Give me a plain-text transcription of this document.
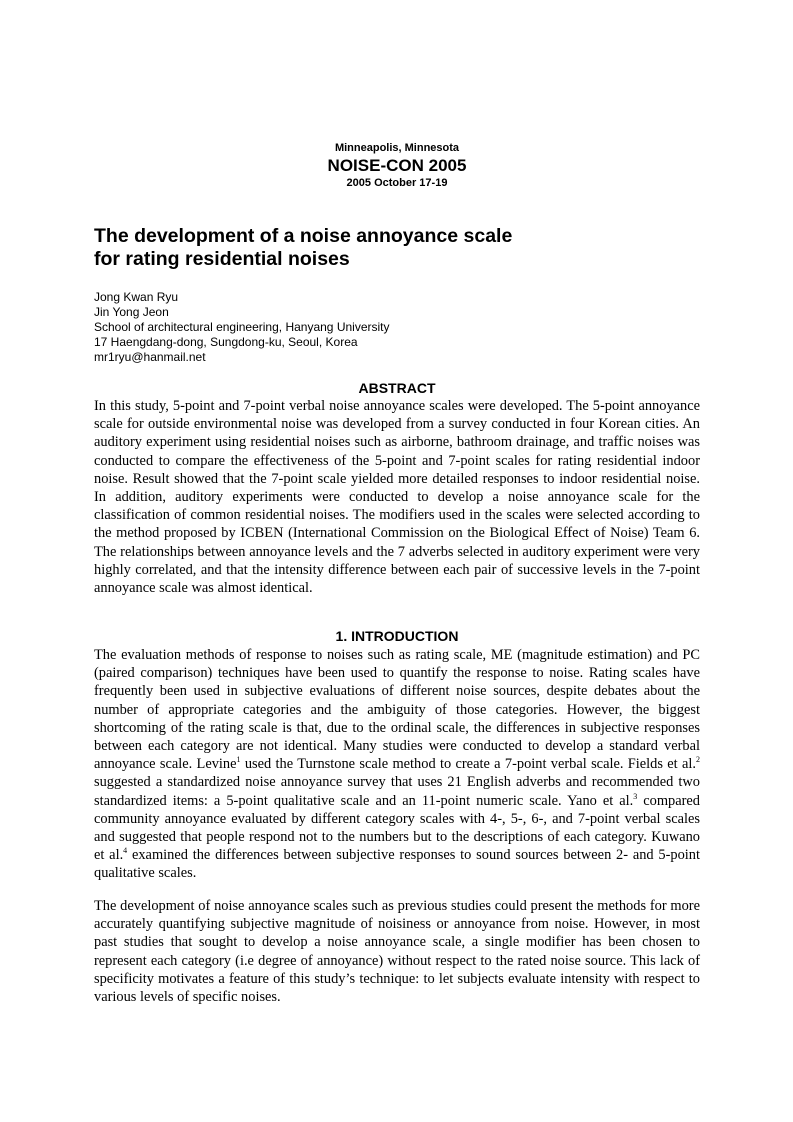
Minneapolis, Minnesota

NOISE-CON 2005

2005 October 17-19

The development of a noise annoyance scale
for rating residential noises
Jong Kwan Ryu
Jin Yong Jeon
School of architectural engineering, Hanyang University
17 Haengdang-dong, Sungdong-ku, Seoul, Korea
mr1ryu@hanmail.net
ABSTRACT

In this study, 5-point and 7-point verbal noise annoyance scales were developed. The 5-point annoyance scale for outside environmental noise was developed from a survey conducted in four Korean cities. An auditory experiment using residential noises such as airborne, bathroom drainage, and traffic noises was conducted to compare the effectiveness of the 5-point and 7-point scales for rating residential indoor noise. Result showed that the 7-point scale yielded more detailed responses to indoor residential noise. In addition, auditory experiments were conducted to develop a noise annoyance scale for the classification of common residential noises. The modifiers used in the scales were selected according to the method proposed by ICBEN (International Commission on the Biological Effect of Noise) Team 6. The relationships between annoyance levels and the 7 adverbs selected in auditory experiment were very highly correlated, and that the intensity difference between each pair of successive levels in the 7-point annoyance scale was almost identical.

1. INTRODUCTION

The evaluation methods of response to noises such as rating scale, ME (magnitude estimation) and PC (paired comparison) techniques have been used to quantify the response to noise. Rating scales have frequently been used in subjective evaluations of different noise sources, despite debates about the number of appropriate categories and the ambiguity of those categories. However, the biggest shortcoming of the rating scale is that, due to the ordinal scale, the differences in subjective responses between each category are not identical. Many studies were conducted to develop a standard verbal annoyance scale. Levine$^1$ used the Turnstone scale method to create a 7-point verbal scale. Fields et al.$^2$ suggested a standardized noise annoyance survey that uses 21 English adverbs and recommended two standardized items: a 5-point qualitative scale and an 11-point numeric scale. Yano et al.$^3$ compared community annoyance evaluated by different category scales with 4-, 5-, 6-, and 7-point verbal scales and suggested that people respond not to the numbers but to the descriptions of each category. Kuwano et al.$^4$ examined the differences between subjective responses to sound sources between 2- and 5-point qualitative scales.

The development of noise annoyance scales such as previous studies could present the methods for more accurately quantifying subjective magnitude of noisiness or annoyance from noise. However, in most past studies that sought to develop a noise annoyance scale, a single modifier has been chosen to represent each category (i.e degree of annoyance) without respect to the rated noise source. This lack of specificity motivates a feature of this study’s technique: to let subjects evaluate intensity with respect to various levels of specific noises.
